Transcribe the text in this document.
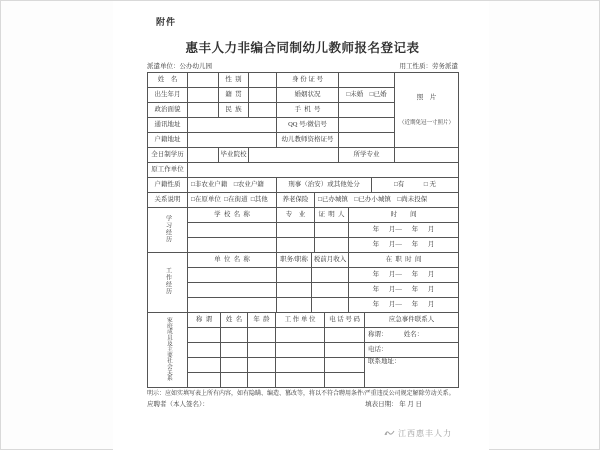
附件
惠丰人力非编合同制幼儿教师报名登记表
派遣单位：公办幼儿园	用工性质：劳务派遣
姓    名		性  别		身 份 证 号		照    片

（近期免冠一寸照片）

出生年月		籍  贯		婚姻状况	□未婚    □已婚	
政治面貌		民  族		手  机  号		
通讯地址				QQ 号/微信号		
户籍地址				幼儿教师资格证号		
全日制学历		毕业院校			所学专业	
原工作单位						
户籍性质	□非农业户籍    □农业户籍	刑事（治安）或其他处分		□有            □ 无
关系说明	□在原单位  □在街道  □其他	养老保险	□已办城镇    □已办小城镇    □尚未投保	
学习经历	学  校  名  称	专    业	证  明  人	时        间
				年      月—      年      月
				年      月—      年      月
工作经历	单  位  名  称	职务/职称	税前月收入	在  职  时  间
				年      月—      年      月
				年      月—      年      月
				年      月—      年      月
家庭成员及主要社会关系	称  谓	姓  名	年  龄	工 作 单 位	电 话 号 码	应急事件联系人
						称谓：          姓名：
						电话：
						联系地址：

明示：应如实填写表上所有内容，如有隐瞒、编造、篡改等，将以不符合聘用条件/严重违反公司规定解除劳动关系。
应聘者（本人签名）：	填表日期： 年 月 日
江西惠丰人力
